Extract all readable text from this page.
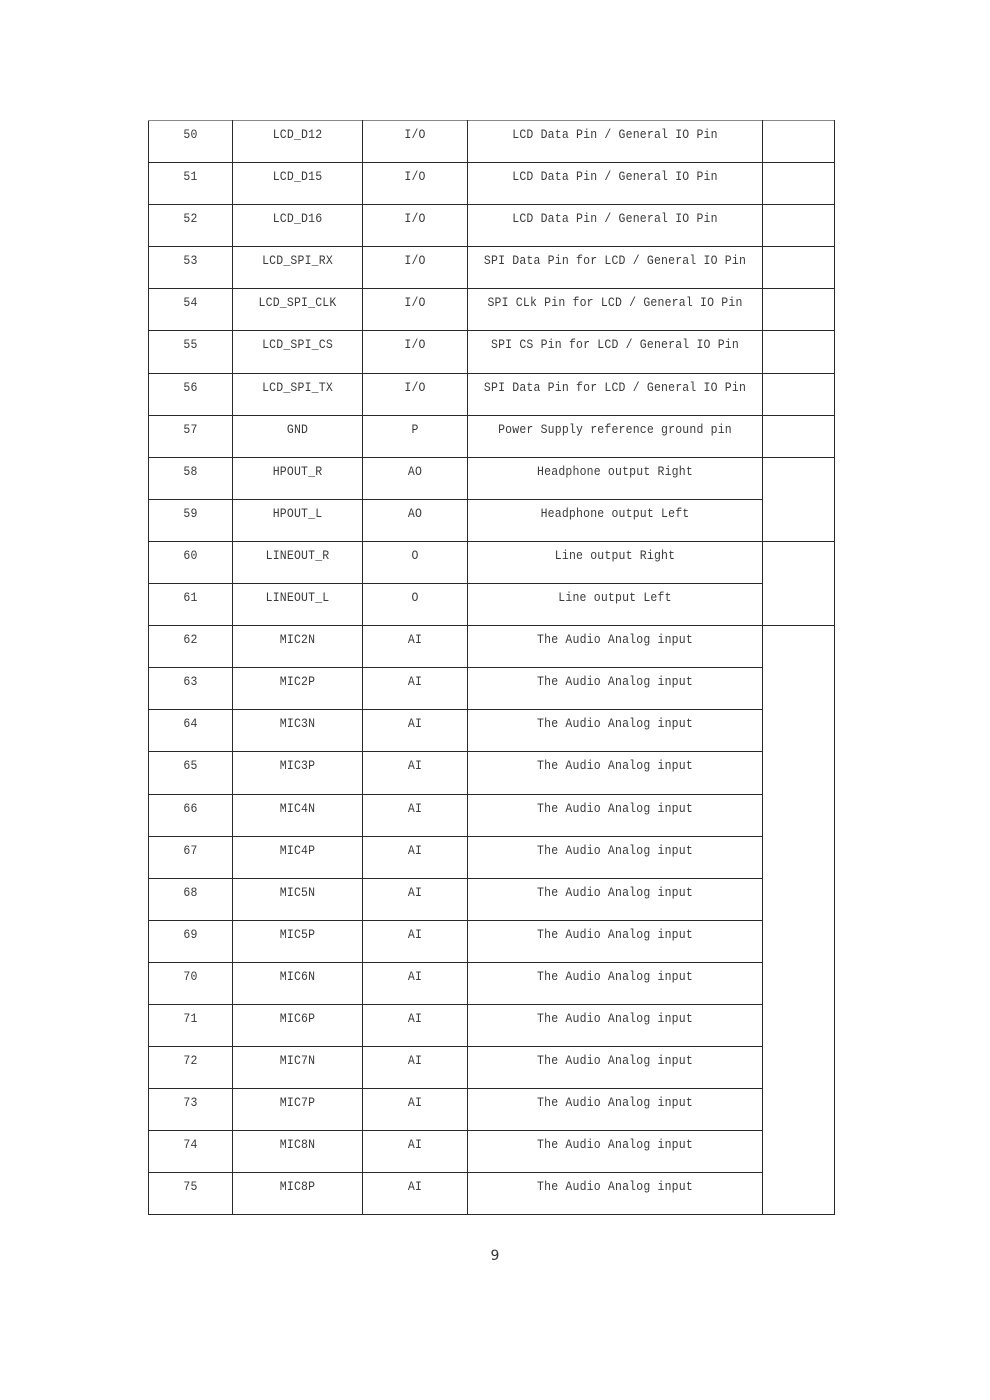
50	LCD_D12	I/O	LCD Data Pin / General IO Pin	

51	LCD_D15	I/O	LCD Data Pin / General IO Pin	

52	LCD_D16	I/O	LCD Data Pin / General IO Pin	

53	LCD_SPI_RX	I/O	SPI Data Pin for LCD / General IO Pin	

54	LCD_SPI_CLK	I/O	SPI CLk Pin for LCD / General IO Pin	

55	LCD_SPI_CS	I/O	SPI CS Pin for LCD / General IO Pin	

56	LCD_SPI_TX	I/O	SPI Data Pin for LCD / General IO Pin	

57	GND	P	Power Supply reference ground pin	

58	HPOUT_R	AO	Headphone output Right	

59	HPOUT_L	AO	Headphone output Left	

60	LINEOUT_R	O	Line output Right	

61	LINEOUT_L	O	Line output Left	

62	MIC2N	AI	The Audio Analog input	

63	MIC2P	AI	The Audio Analog input	

64	MIC3N	AI	The Audio Analog input	

65	MIC3P	AI	The Audio Analog input	

66	MIC4N	AI	The Audio Analog input	

67	MIC4P	AI	The Audio Analog input	

68	MIC5N	AI	The Audio Analog input	

69	MIC5P	AI	The Audio Analog input	

70	MIC6N	AI	The Audio Analog input	

71	MIC6P	AI	The Audio Analog input	

72	MIC7N	AI	The Audio Analog input	

73	MIC7P	AI	The Audio Analog input	

74	MIC8N	AI	The Audio Analog input	

75	MIC8P	AI	The Audio Analog input	
9
